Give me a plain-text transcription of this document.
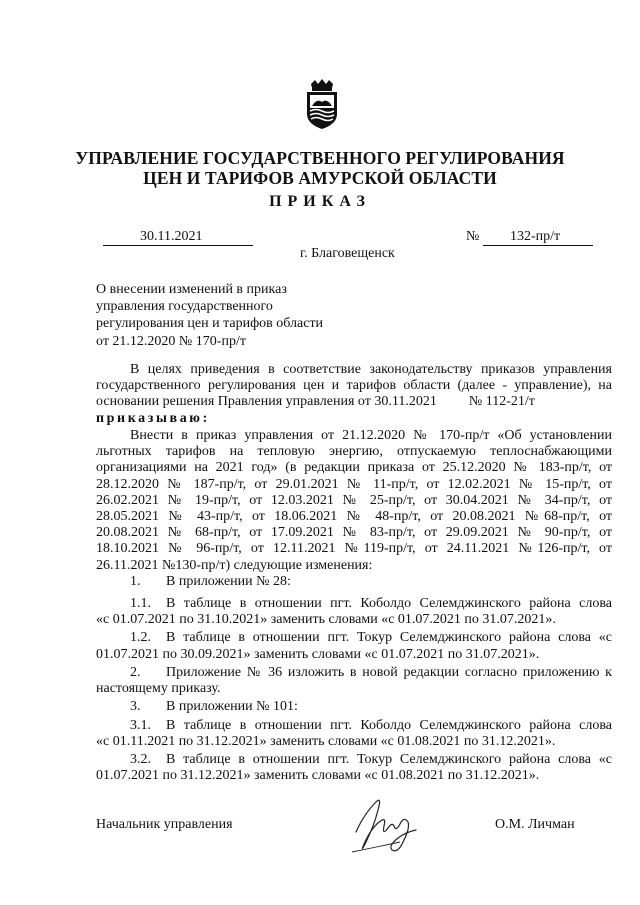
УПРАВЛЕНИЕ ГОСУДАРСТВЕННОГО РЕГУЛИРОВАНИЯ
ЦЕН И ТАРИФОВ АМУРСКОЙ ОБЛАСТИ
ПРИКАЗ
30.11.2021	№ 132-пр/т
г. Благовещенск
О внесении изменений в приказ
управления государственного
регулирования цен и тарифов области
от 21.12.2020 № 170-пр/т
В целях приведения в соответствие законодательству приказов управления
государственного регулирования цен и тарифов области (далее - управление), на
основании решения Правления управления от 30.11.2021 № 112-21/т
приказываю:
Внести в приказ управления от 21.12.2020 № 170-пр/т «Об установлении
льготных тарифов на тепловую энергию, отпускаемую теплоснабжающими
организациями на 2021 год» (в редакции приказа от 25.12.2020 № 183-пр/т, от
28.12.2020 № 187-пр/т, от 29.01.2021 № 11-пр/т, от 12.02.2021 № 15-пр/т, от
26.02.2021 № 19-пр/т, от 12.03.2021 № 25-пр/т, от 30.04.2021 № 34-пр/т, от
28.05.2021 № 43-пр/т, от 18.06.2021 № 48-пр/т, от 20.08.2021 №68-пр/т, от
20.08.2021 № 68-пр/т, от 17.09.2021 № 83-пр/т, от 29.09.2021 № 90-пр/т, от
18.10.2021 № 96-пр/т, от 12.11.2021 №119-пр/т, от 24.11.2021 №126-пр/т, от
26.11.2021 №130-пр/т) следующие изменения:
1. В приложении № 28:
1.1. В таблице в отношении пгт. Коболдо Селемджинского района слова
«с 01.07.2021 по 31.10.2021» заменить словами «с 01.07.2021 по 31.07.2021».
1.2. В таблице в отношении пгт. Токур Селемджинского района слова «с
01.07.2021 по 30.09.2021» заменить словами «с 01.07.2021 по 31.07.2021».
2. Приложение № 36 изложить в новой редакции согласно приложению к
настоящему приказу.
3. В приложении № 101:
3.1. В таблице в отношении пгт. Коболдо Селемджинского района слова
«с 01.11.2021 по 31.12.2021» заменить словами «с 01.08.2021 по 31.12.2021».
3.2. В таблице в отношении пгт. Токур Селемджинского района слова «с
01.07.2021 по 31.12.2021» заменить словами «с 01.08.2021 по 31.12.2021».
Начальник управления	О.М. Личман
